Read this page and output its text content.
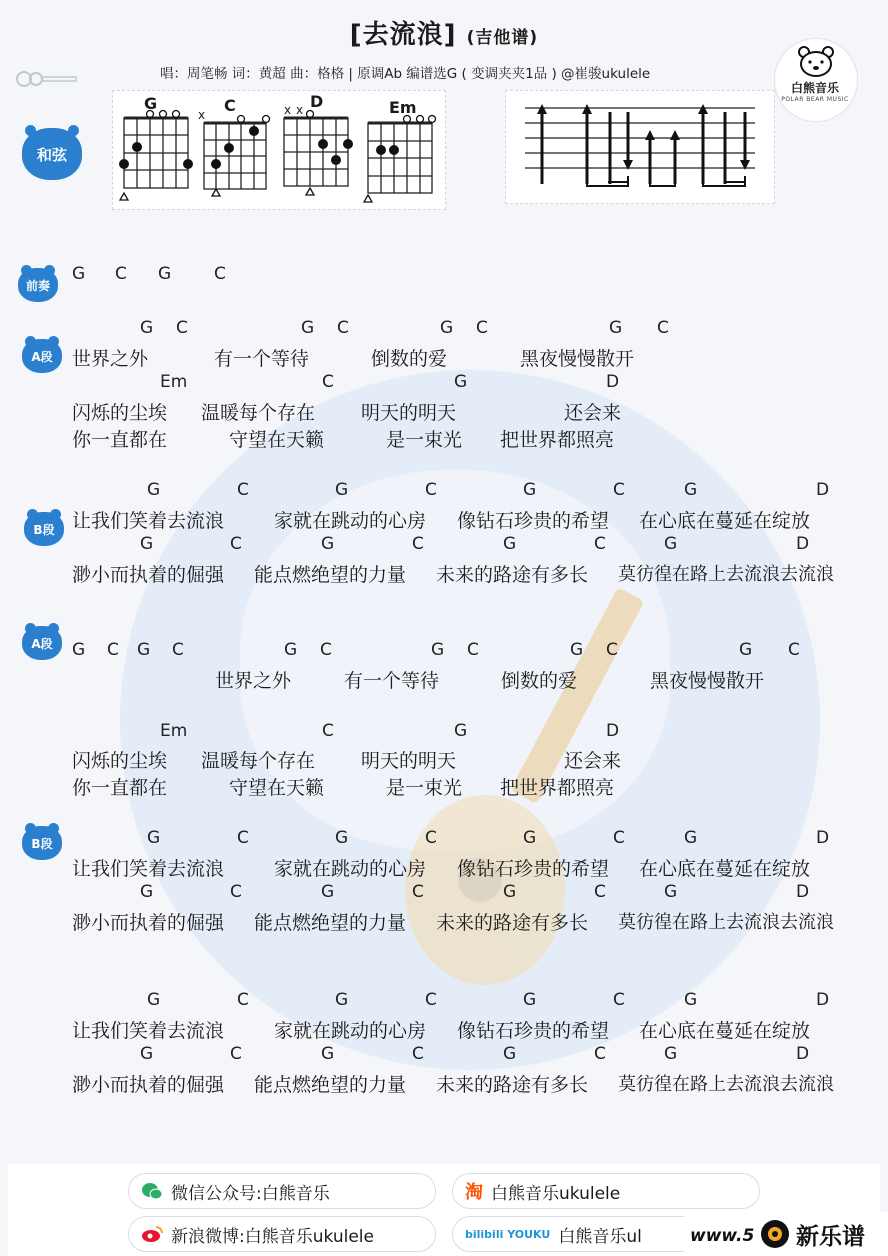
[去流浪] (吉他谱)
唱：周笔畅 词：黄超 曲：格格 | 原调Ab 编谱选G ( 变调夹夹1品 ) @崔骏ukulele
白熊音乐
POLAR BEAR MUSIC
和弦
G	C	D	Em
x	x x
前奏
G C G	C
A段
G C	G C	G C	G C
世界之外	有一个等待	倒数的爱	黑夜慢慢散开
Em	C	G	D
闪烁的尘埃 温暖每个存在 明天的明天	还会来
你一直都在	守望在天籁	是一束光 把世界都照亮
B段
G	C	G	C	G	C	G	D
让我们笑着去流浪	家就在跳动的心房 像钻石珍贵的希望 在心底在蔓延在绽放
G	C	G	C	G	C	G	D
渺小而执着的倔强 能点燃绝望的力量 未来的路途有多长 莫彷徨在路上去流浪去流浪
A段	G C G C	G C	G C	G C	G C
世界之外	有一个等待	倒数的爱	黑夜慢慢散开
Em	C	G	D
闪烁的尘埃 温暖每个存在 明天的明天	还会来
你一直都在	守望在天籁	是一束光 把世界都照亮
B段	G	C	G	C	G	C	G	D
让我们笑着去流浪	家就在跳动的心房 像钻石珍贵的希望 在心底在蔓延在绽放
G	C	G	C	G	C	G	D
渺小而执着的倔强 能点燃绝望的力量 未来的路途有多长 莫彷徨在路上去流浪去流浪
G	C	G	C	G	C	G	D
让我们笑着去流浪	家就在跳动的心房 像钻石珍贵的希望 在心底在蔓延在绽放
G	C	G	C	G	C	G	D
渺小而执着的倔强 能点燃绝望的力量 未来的路途有多长 莫彷徨在路上去流浪去流浪
微信公众号:白熊音乐	淘 白熊音乐ukulele
新浪微博:白熊音乐ukulele	bilibili YOUKU 白熊音乐ul	www.5 新乐谱
